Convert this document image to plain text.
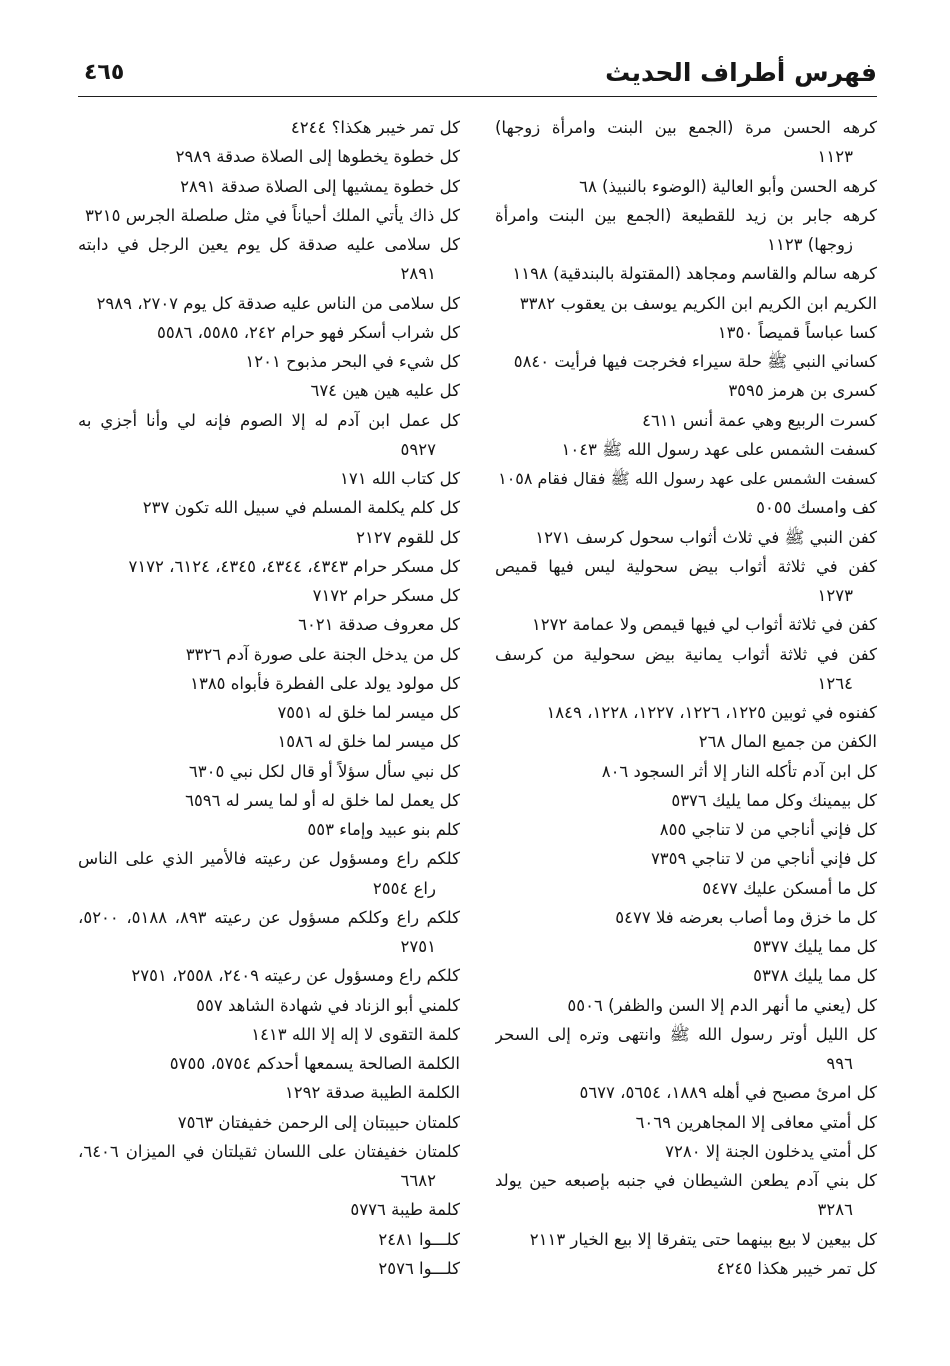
فهرس أطراف الحديث
٤٦٥
كرهه الحسن مرة (الجمع بين البنت وامرأة زوجها)
١١٢٣
كرهه الحسن وأبو العالية (الوضوء بالنبيذ) ٦٨
كرهه جابر بن زيد للقطيعة (الجمع بين البنت وامرأة
زوجها) ١١٢٣
كرهه سالم والقاسم ومجاهد (المقتولة بالبندقية) ١١٩٨
الكريم ابن الكريم ابن الكريم يوسف بن يعقوب ٣٣٨٢
كسا عباساً قميصاً ١٣٥٠
كساني النبي ﷺ حلة سيراء فخرجت فيها فرأيت ٥٨٤٠
كسرى بن هرمز ٣٥٩٥
كسرت الربيع وهي عمة أنس ٤٦١١
كسفت الشمس على عهد رسول الله ﷺ ١٠٤٣
كسفت الشمس على عهد رسول الله ﷺ فقال فقام ١٠٥٨
كف وامسك ٥٠٥٥
كفن النبي ﷺ في ثلاث أثواب سحول كرسف ١٢٧١
كفن في ثلاثة أثواب بيض سحولية ليس فيها قميص
١٢٧٣
كفن في ثلاثة أثواب لي فيها قيمص ولا عمامة ١٢٧٢
كفن في ثلاثة أثواب يمانية بيض سحولية من كرسف
١٢٦٤
كفنوه في ثوبين ١٢٢٥، ١٢٢٦، ١٢٢٧، ١٢٢٨، ١٨٤٩
الكفن من جميع المال ٢٦٨
كل ابن آدم تأكله النار إلا أثر السجود ٨٠٦
كل بيمينك وكل مما يليك ٥٣٧٦
كل فإني أناجي من لا تناجي ٨٥٥
كل فإني أناجي من لا تناجي ٧٣٥٩
كل ما أمسكن عليك ٥٤٧٧
كل ما خزق وما أصاب بعرضه فلا ٥٤٧٧
كل مما يليك ٥٣٧٧
كل مما يليك ٥٣٧٨
كل (يعني ما أنهر الدم إلا السن والظفر) ٥٥٠٦
كل الليل أوتر رسول الله ﷺ وانتهى وتره إلى السحر
٩٩٦
كل امرئ مصبح في أهله ١٨٨٩، ٥٦٥٤، ٥٦٧٧
كل أمتي معافى إلا المجاهرين ٦٠٦٩
كل أمتي يدخلون الجنة إلا ٧٢٨٠
كل بني آدم يطعن الشيطان في جنبه بإصبعه حين يولد
٣٢٨٦
كل بيعين لا بيع بينهما حتى يتفرقا إلا بيع الخيار ٢١١٣
كل تمر خيبر هكذا ٤٢٤٥
كل تمر خيبر هكذا؟ ٤٢٤٤
كل خطوة يخطوها إلى الصلاة صدقة ٢٩٨٩
كل خطوة يمشيها إلى الصلاة صدقة ٢٨٩١
كل ذاك يأتي الملك أحياناً في مثل صلصلة الجرس ٣٢١٥
كل سلامى عليه صدقة كل يوم يعين الرجل في دابته
٢٨٩١
كل سلامى من الناس عليه صدقة كل يوم ٢٧٠٧، ٢٩٨٩
كل شراب أسكر فهو حرام ٢٤٢، ٥٥٨٥، ٥٥٨٦
كل شيء في البحر مذبوح ١٢٠١
كل عليه هين هين ٦٧٤
كل عمل ابن آدم له إلا الصوم فإنه لي وأنا أجزي به
٥٩٢٧
كل كتاب الله ١٧١
كل كلم يكلمة المسلم في سبيل الله تكون ٢٣٧
كل للقوم ٢١٢٧
كل مسكر حرام ٤٣٤٣، ٤٣٤٤، ٤٣٤٥، ٦١٢٤، ٧١٧٢
كل مسكر حرام ٧١٧٢
كل معروف صدقة ٦٠٢١
كل من يدخل الجنة على صورة آدم ٣٣٢٦
كل مولود يولد على الفطرة فأبواه ١٣٨٥
كل ميسر لما خلق له ٧٥٥١
كل ميسر لما خلق له ١٥٨٦
كل نبي سأل سؤلاً أو قال لكل نبي ٦٣٠٥
كل يعمل لما خلق له أو لما يسر له ٦٥٩٦
كلم بنو عبيد وإماء ٥٥٣
كلكم راع ومسؤول عن رعيته فالأمير الذي على الناس
راع ٢٥٥٤
كلكم راع وكلكم مسؤول عن رعيته ٨٩٣، ٥١٨٨، ٥٢٠٠،
٢٧٥١
كلكم راع ومسؤول عن رعيته ٢٤٠٩، ٢٥٥٨، ٢٧٥١
كلمني أبو الزناد في شهادة الشاهد ٥٥٧
كلمة التقوى لا إله إلا الله ١٤١٣
الكلمة الصالحة يسمعها أحدكم ٥٧٥٤، ٥٧٥٥
الكلمة الطيبة صدقة ١٢٩٢
كلمتان حبيبتان إلى الرحمن خفيفتان ٧٥٦٣
كلمتان خفيفتان على اللسان ثقيلتان في الميزان ٦٤٠٦،
٦٦٨٢
كلمة طيبة ٥٧٧٦
كلـــوا ٢٤٨١
كلـــوا ٢٥٧٦
